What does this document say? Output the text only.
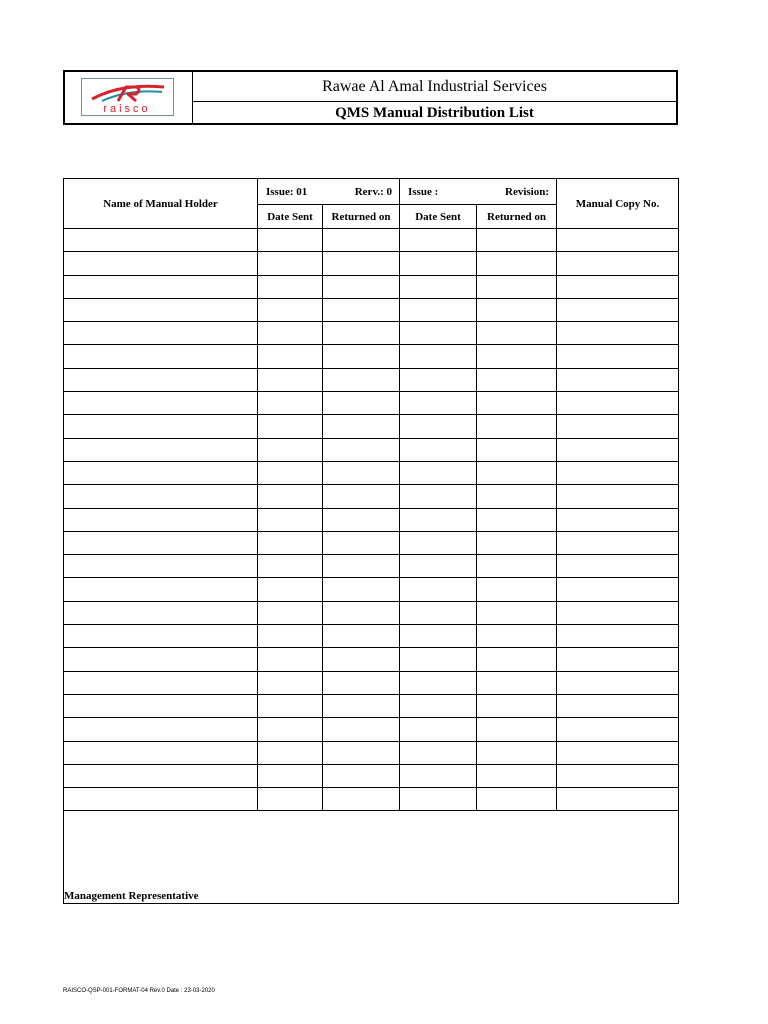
raisco
Rawae Al Amal Industrial Services
QMS Manual Distribution List
Name of Manual Holder	Issue: 01 Rerv.: 0		Issue : Revision:		Manual Copy No.
	Date Sent	Returned on	Date Sent	Returned on	

Management Representative					
RAISCO-QSP-001-FORMAT-04 Rev.0 Date : 23-03-2020
